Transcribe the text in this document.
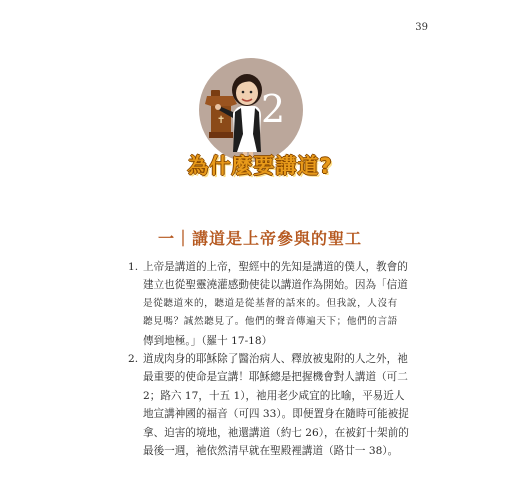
39
✝ 2
為什麼要講道?
一｜講道是上帝參與的聖工
1. 上帝是講道的上帝，聖經中的先知是講道的僕人，教會的
建立也從聖靈澆灌感動使徒以講道作為開始。因為「信道
是從聽道來的，聽道是從基督的話來的。但我說，人沒有
聽見嗎？誠然聽見了。他們的聲音傳遍天下；他們的言語
傳到地極。」（羅十 17-18）
2. 道成肉身的耶穌除了醫治病人、釋放被鬼附的人之外，祂
最重要的使命是宣講！耶穌總是把握機會對人講道（可二
2；路六 17，十五 1），祂用老少咸宜的比喻，平易近人
地宣講神國的福音（可四 33）。即便置身在隨時可能被捉
拿、迫害的境地，祂還講道（約七 26），在被釘十架前的
最後一週，祂依然清早就在聖殿裡講道（路廿一 38）。
